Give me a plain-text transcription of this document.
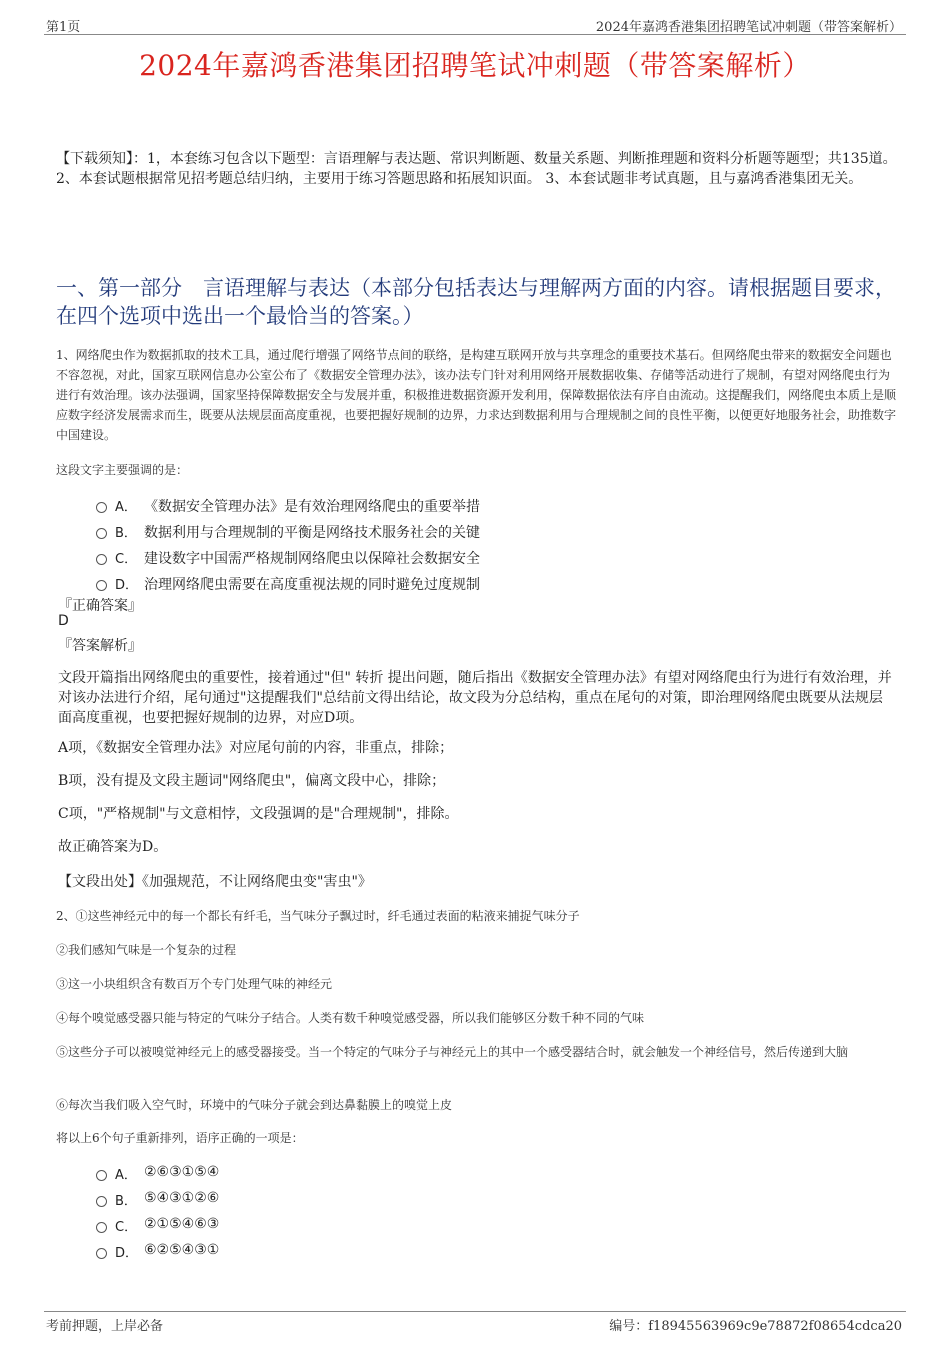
第1页	2024年嘉鸿香港集团招聘笔试冲刺题（带答案解析）
2024年嘉鸿香港集团招聘笔试冲刺题（带答案解析）
【下载须知】：1，本套练习包含以下题型：言语理解与表达题、常识判断题、数量关系题、判断推理题和资料分析题等题型；共135道。 2、本套试题根据常见招考题总结归纳，主要用于练习答题思路和拓展知识面。 3、本套试题非考试真题，且与嘉鸿香港集团无关。
一、第一部分　言语理解与表达（本部分包括表达与理解两方面的内容。请根据题目要求，在四个选项中选出一个最恰当的答案。）
1、网络爬虫作为数据抓取的技术工具，通过爬行增强了网络节点间的联络，是构建互联网开放与共享理念的重要技术基石。但网络爬虫带来的数据安全问题也不容忽视，对此，国家互联网信息办公室公布了《数据安全管理办法》，该办法专门针对利用网络开展数据收集、存储等活动进行了规制，有望对网络爬虫行为进行有效治理。该办法强调，国家坚持保障数据安全与发展并重，积极推进数据资源开发利用，保障数据依法有序自由流动。这提醒我们，网络爬虫本质上是顺应数字经济发展需求而生，既要从法规层面高度重视，也要把握好规制的边界，力求达到数据利用与合理规制之间的良性平衡，以便更好地服务社会，助推数字中国建设。
这段文字主要强调的是：
A． 《数据安全管理办法》是有效治理网络爬虫的重要举措
B． 数据利用与合理规制的平衡是网络技术服务社会的关键
C． 建设数字中国需严格规制网络爬虫以保障社会数据安全
D． 治理网络爬虫需要在高度重视法规的同时避免过度规制
『正确答案』
D
『答案解析』
文段开篇指出网络爬虫的重要性，接着通过"但" 转折 提出问题，随后指出《数据安全管理办法》有望对网络爬虫行为进行有效治理，并对该办法进行介绍，尾句通过"这提醒我们"总结前文得出结论，故文段为分总结构，重点在尾句的对策，即治理网络爬虫既要从法规层面高度重视，也要把握好规制的边界，对应D项。
A项，《数据安全管理办法》对应尾句前的内容，非重点，排除；
B项，没有提及文段主题词"网络爬虫"，偏离文段中心，排除；
C项，"严格规制"与文意相悖，文段强调的是"合理规制"，排除。
故正确答案为D。
【文段出处】《加强规范，不让网络爬虫变"害虫"》
2、①这些神经元中的每一个都长有纤毛，当气味分子飘过时，纤毛通过表面的粘液来捕捉气味分子
②我们感知气味是一个复杂的过程
③这一小块组织含有数百万个专门处理气味的神经元
④每个嗅觉感受器只能与特定的气味分子结合。人类有数千种嗅觉感受器，所以我们能够区分数千种不同的气味
⑤这些分子可以被嗅觉神经元上的感受器接受。当一个特定的气味分子与神经元上的其中一个感受器结合时，就会触发一个神经信号，然后传递到大脑
⑥每次当我们吸入空气时，环境中的气味分子就会到达鼻黏膜上的嗅觉上皮
将以上6个句子重新排列，语序正确的一项是：
A． ②⑥③①⑤④
B． ⑤④③①②⑥
C． ②①⑤④⑥③
D． ⑥②⑤④③①
考前押题，上岸必备	编号：f18945563969c9e78872f08654cdca20
